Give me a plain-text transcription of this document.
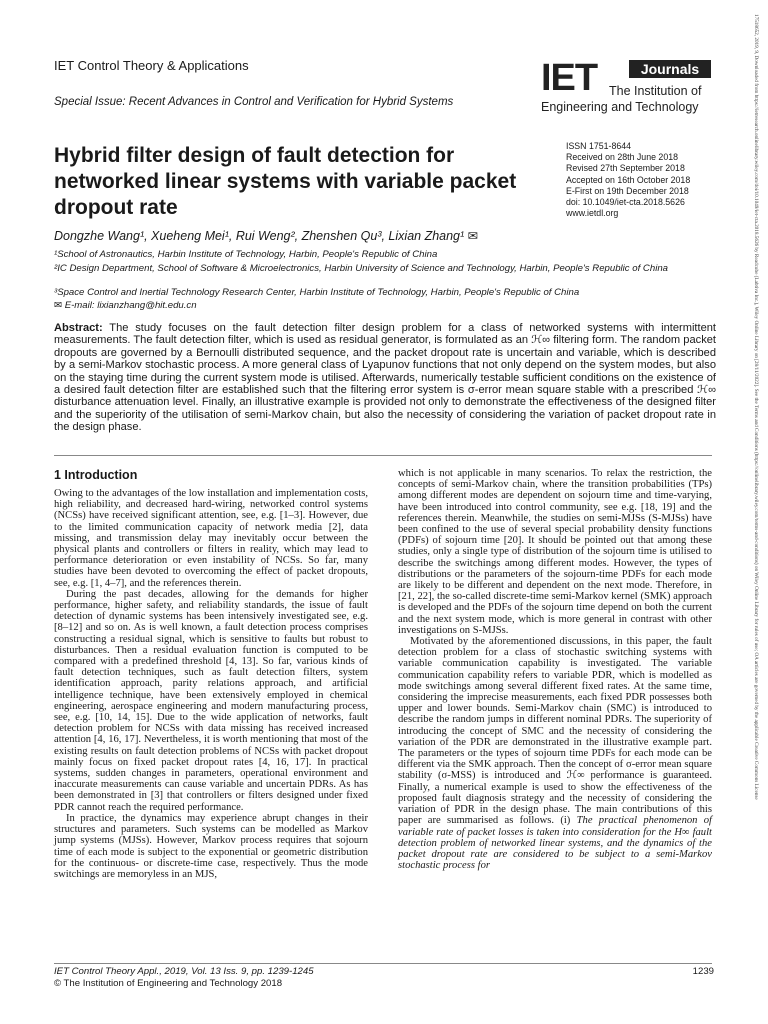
IET Control Theory & Applications
Special Issue: Recent Advances in Control and Verification for Hybrid Systems
IET	Journals
The Institution of
Engineering and Technology	17518652, 2019, 9, Downloaded from https://ietresearch.onlinelibrary.wiley.com/doi/10.1049/iet-cta.2018.5626 by Readcube (Labtiva Inc.), Wiley Online Library on [28/11/2022]. See the Terms and Conditions (https://onlinelibrary.wiley.com/terms-and-conditions) on Wiley Online Library for rules of use; OA articles are governed by the applicable Creative Commons License
Hybrid filter design of fault detection for networked linear systems with variable packet dropout rate
ISSN 1751-8644
Received on 28th June 2018
Revised 27th September 2018
Accepted on 16th October 2018
E-First on 19th December 2018
doi: 10.1049/iet-cta.2018.5626
www.ietdl.org
Dongzhe Wang¹, Xueheng Mei¹, Rui Weng², Zhenshen Qu³, Lixian Zhang¹ ✉
¹School of Astronautics, Harbin Institute of Technology, Harbin, People's Republic of China
²IC Design Department, School of Software & Microelectronics, Harbin University of Science and Technology, Harbin, People's Republic of China
³Space Control and Inertial Technology Research Center, Harbin Institute of Technology, Harbin, People's Republic of China
✉ E-mail: lixianzhang@hit.edu.cn

Abstract: The study focuses on the fault detection filter design problem for a class of networked systems with intermittent measurements. The fault detection filter, which is used as residual generator, is formulated as an ℋ∞ filtering form. The random packet dropouts are governed by a Bernoulli distributed sequence, and the packet dropout rate is uncertain and variable, which is described by a semi-Markov stochastic process. A more general class of Lyapunov functions that not only depend on the system modes, but also on the staying time during the current system mode is utilised. Afterwards, numerically testable sufficient conditions on the existence of a desired fault detection filter are established such that the filtering error system is σ-error mean square stable with a prescribed ℋ∞ disturbance attenuation level. Finally, an illustrative example is provided not only to demonstrate the effectiveness of the designed filter and the superiority of the utilisation of semi-Markov chain, but also the necessity of considering the variation of packet dropout rate in the design phase.

1 Introduction

Owing to the advantages of the low installation and implementation costs, high reliability, and decreased hard-wiring, networked control systems (NCSs) have received significant attention, see, e.g. [1–3]. However, due to the limited communication capacity of network media [2], data missing, and transmission delay may inevitably occur between the physical plants and controllers or filters in reality, which may lead to performance deterioration or even instability of NCSs. So far, many studies have been devoted to overcoming the effect of packet dropouts, see, e.g. [1, 4–7], and the references therein.

During the past decades, allowing for the demands for higher performance, higher safety, and reliability standards, the issue of fault detection of dynamic systems has been intensively investigated see, e.g. [8–12] and so on. As is well known, a fault detection process comprises constructing a residual signal, which is sensitive to faults but robust to disturbances. Then a residual evaluation function is computed to be compared with a predefined threshold [4, 13]. So far, various kinds of fault detection techniques, such as fault detection filters, system identification approach, parity relations approach, and artificial intelligence technique, have been extensively employed in chemical engineering, aerospace engineering and modern manufacturing process, see, e.g. [10, 14, 15]. Due to the wide application of networks, fault detection problem for NCSs with data missing has received increased attention [4, 16, 17]. Nevertheless, it is worth mentioning that most of the existing results on fault detection problems of NCSs with packet dropout mainly focus on fixed packet dropout rates [4, 16, 17]. In practical systems, sudden changes in parameters, operational environment and inaccurate measurements can cause variable and uncertain PDRs. As has been demonstrated in [3] that controllers or filters designed under fixed PDR cannot reach the required performance.

In practice, the dynamics may experience abrupt changes in their structures and parameters. Such systems can be modelled as Markov jump systems (MJSs). However, Markov process requires that sojourn time of each mode is subject to the exponential or geometric distribution for the continuous- or discrete-time case, respectively. Thus the mode switchings are memoryless in an MJS,

which is not applicable in many scenarios. To relax the restriction, the concepts of semi-Markov chain, where the transition probabilities (TPs) among different modes are dependent on sojourn time and time-varying, have been introduced into control community, see e.g. [18, 19] and the references therein. Meanwhile, the studies on semi-MJSs (S-MJSs) have been confined to the use of several special probability density functions (PDFs) of sojourn time [20]. It should be pointed out that among these studies, only a single type of distribution of the sojourn time is utilised to describe the switchings among different modes. However, the types of distributions or the parameters of the sojourn-time PDFs for each mode are likely to be different and dependent on the next mode. Therefore, in [21, 22], the so-called discrete-time semi-Markov kernel (SMK) approach is developed and the PDFs of the sojourn time depend on both the current and the next system mode, which is more general in contrast with other investigations on S-MJSs.

Motivated by the aforementioned discussions, in this paper, the fault detection problem for a class of stochastic switching systems with variable communication capability is investigated. The variable communication capability refers to variable PDR, which is modelled as mode switchings among several different fixed rates. At the same time, considering the imprecise measurements, each fixed PDR possesses both upper and lower bounds. Semi-Markov chain (SMC) is introduced to describe the random jumps in different nominal PDRs. The superiority of introducing the concept of SMC and the necessity of considering the variation of the PDR are demonstrated in the illustrative example part. The parameters or the types of sojourn time PDFs for each mode can be different via the SMK approach. Then the concept of σ-error mean square stability (σ-MSS) is introduced and ℋ∞ performance is guaranteed. Finally, a numerical example is used to show the effectiveness of the proposed fault diagnosis strategy and the necessity of considering the variation of PDR in the design phase. The main contributions of this paper are summarised as follows. (i) The practical phenomenon of variable rate of packet losses is taken into consideration for the H∞ fault detection problem of networked linear systems, and the dynamics of the packet dropout rate are considered to be subject to a semi-Markov stochastic process for

IET Control Theory Appl., 2019, Vol. 13 Iss. 9, pp. 1239-1245
© The Institution of Engineering and Technology 2018
1239
